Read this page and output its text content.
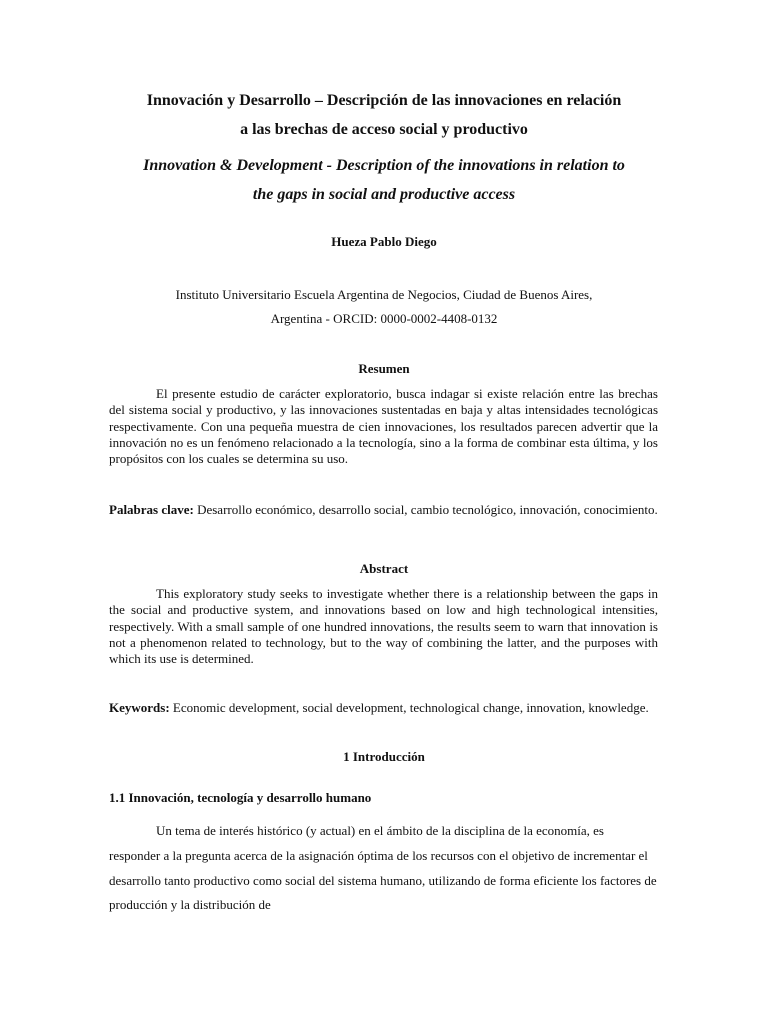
Innovación y Desarrollo – Descripción de las innovaciones en relación
a las brechas de acceso social y productivo
Innovation & Development - Description of the innovations in relation to
the gaps in social and productive access
Hueza Pablo Diego
Instituto Universitario Escuela Argentina de Negocios, Ciudad de Buenos Aires,
Argentina - ORCID: 0000-0002-4408-0132
Resumen
El presente estudio de carácter exploratorio, busca indagar si existe relación entre las brechas del sistema social y productivo, y las innovaciones sustentadas en baja y altas intensidades tecnológicas respectivamente. Con una pequeña muestra de cien innovaciones, los resultados parecen advertir que la innovación no es un fenómeno relacionado a la tecnología, sino a la forma de combinar esta última, y los propósitos con los cuales se determina su uso.
Palabras clave: Desarrollo económico, desarrollo social, cambio tecnológico, innovación, conocimiento.
Abstract
This exploratory study seeks to investigate whether there is a relationship between the gaps in the social and productive system, and innovations based on low and high technological intensities, respectively. With a small sample of one hundred innovations, the results seem to warn that innovation is not a phenomenon related to technology, but to the way of combining the latter, and the purposes with which its use is determined.
Keywords: Economic development, social development, technological change, innovation, knowledge.
1 Introducción
1.1 Innovación, tecnología y desarrollo humano
Un tema de interés histórico (y actual) en el ámbito de la disciplina de la economía, es responder a la pregunta acerca de la asignación óptima de los recursos con el objetivo de incrementar el desarrollo tanto productivo como social del sistema humano, utilizando de forma eficiente los factores de producción y la distribución de
